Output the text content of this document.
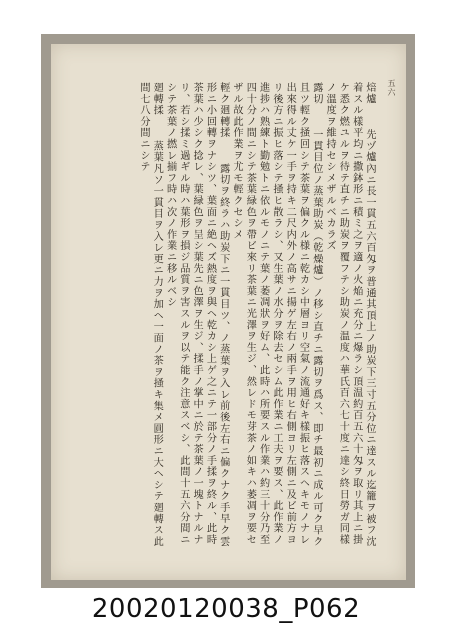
五六

焙爐先ヅ爐內ニ長一貫五六百匁ヲ普通其頂上ノ助炭下三寸五分位ニ達スル迄籠ヲ被フ沈着スル樣平均ニ撒鉢形ニ積ミ之ヲ適ノ火焔ニ充分ニ爆ラシ頂温約百五六十匁ヲ取リ其上ニ掛ケ悉ク燃ユルヲ待テ直チニ助炭ヲ覆フテシ助炭ノ温度ハ華氏百六七十度ニ達シ終日勞ガ同樣ノ溫度ヲ維持セシメザルベカラズ

露切一貫目位ノ蒸葉助炭（乾燥爐）ノ移シ直チニ露切ヲ爲ス、即チ最初ニ成ル可ク早ク且ツ輕ク掻回シテ茶葉ヲ偏クル様ニ乾カシ中層ヨリ空氣ノ流通好キ樣振ヒ落スヘキモノナレ出來得ル丈ケ一手ヲ持キ二尺内外ノ高サニ揚ゲ左右ノ兩手ヲ用ヒ右側ヨリ左側ニ及ビ前方ヨリ後方ニ振ヒ落シテ掻ヒ散ラシ、又生葉ノ水分ヲ除去セシム此作業ニ工夫ヲ要ス、此作業ノ進捗ハ熟練ト勤勉トニ依ルモノニテ葉ノ萎凋狀ヲ好ム、此時ハ所要スル作業ハ約三十分乃至四十分ノ間ニシテ茶葉緑色ヲ帶ビ來リ茶葉ニ光澤ヲ生ジ、然レドモ芽茶ノ如キハ萎凋ヲ要セザル故此作業ヲ尤モ輕クセシメ

輕ク廻轉揉露切ヲ終ラハ助炭下ニ一貫目ツ、ノ蒸葉ヲ入レ前後左右ニ偏クナク手早ク雲形ニ小回轉ヲナシツ、葉面ニ絶ヘズ熱度ヲ與ヘ乾カシ上ゲ之ニテ一部分ノ手揉ヲ終ル、此時茶葉ハ少シク捻レ、葉緑色ヲ呈シ葉先ニ色澤ヲ生ジ、揉手ノ掌中ニ於テ茶葉ノ一塊トナルナリ、若シ揉ミ過ギル時ハ葉形ヲ損ジ品質ヲ害スルヲ以テ能ク注意スベシ、此間十五六分間ニシテ茶葉ノ撚レ揃フ時ハ次ノ作業ニ移ルベシ

廻轉揉蒸葉凡ソ一貫目ヲ入レ更ニ力ヲ加ヘ一面ノ茶ヲ掻キ集メ圓形ニ大ヘシテ廻轉ス此間七八分間ニシテ

20020120038_P062
